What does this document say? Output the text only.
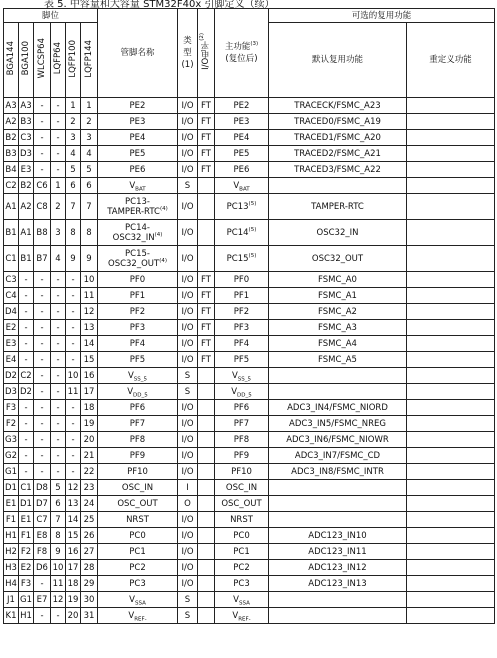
表 5. 中容量和大容量 STM32F40x 引脚定义（续）
脚位						管脚名称	类
型
(1)	I/O电平$^{(2)}$	主功能$^{(3)}$
(复位后)	可选的复用功能	
BGA144	BGA100	WLCSP64	LQFP64	LQFP100	LQFP144					默认复用功能	重定义功能
A3	A3	-	-	1	1	PE2	I/O	FT	PE2	TRACECK/FSMC_A23	
A2	B3	-	-	2	2	PE3	I/O	FT	PE3	TRACED0/FSMC_A19	
B2	C3	-	-	3	3	PE4	I/O	FT	PE4	TRACED1/FSMC_A20	
B3	D3	-	-	4	4	PE5	I/O	FT	PE5	TRACED2/FSMC_A21	
B4	E3	-	-	5	5	PE6	I/O	FT	PE6	TRACED3/FSMC_A22	
C2	B2	C6	1	6	6	$V_{BAT}$	S		$V_{BAT}$		
A1	A2	C8	2	7	7	PC13-
TAMPER-RTC$^{(4)}$	I/O		PC13$^{(5)}$	TAMPER-RTC	
B1	A1	B8	3	8	8	PC14-
OSC32_IN$^{(4)}$	I/O		PC14$^{(5)}$	OSC32_IN	
C1	B1	B7	4	9	9	PC15-
OSC32_OUT$^{(4)}$	I/O		PC15$^{(5)}$	OSC32_OUT	
C3	-	-	-	-	10	PF0	I/O	FT	PF0	FSMC_A0	
C4	-	-	-	-	11	PF1	I/O	FT	PF1	FSMC_A1	
D4	-	-	-	-	12	PF2	I/O	FT	PF2	FSMC_A2	
E2	-	-	-	-	13	PF3	I/O	FT	PF3	FSMC_A3	
E3	-	-	-	-	14	PF4	I/O	FT	PF4	FSMC_A4	
E4	-	-	-	-	15	PF5	I/O	FT	PF5	FSMC_A5	
D2	C2	-	-	10	16	$V_{SS\_5}$	S		$V_{SS\_5}$		
D3	D2	-	-	11	17	$V_{DD\_5}$	S		$V_{DD\_5}$		
F3	-	-	-	-	18	PF6	I/O		PF6	ADC3_IN4/FSMC_NIORD	
F2	-	-	-	-	19	PF7	I/O		PF7	ADC3_IN5/FSMC_NREG	
G3	-	-	-	-	20	PF8	I/O		PF8	ADC3_IN6/FSMC_NIOWR	
G2	-	-	-	-	21	PF9	I/O		PF9	ADC3_IN7/FSMC_CD	
G1	-	-	-	-	22	PF10	I/O		PF10	ADC3_IN8/FSMC_INTR	
D1	C1	D8	5	12	23	OSC_IN	I		OSC_IN		
E1	D1	D7	6	13	24	OSC_OUT	O		OSC_OUT		
F1	E1	C7	7	14	25	NRST	I/O		NRST		
H1	F1	E8	8	15	26	PC0	I/O		PC0	ADC123_IN10	
H2	F2	F8	9	16	27	PC1	I/O		PC1	ADC123_IN11	
H3	E2	D6	10	17	28	PC2	I/O		PC2	ADC123_IN12	
H4	F3	-	11	18	29	PC3	I/O		PC3	ADC123_IN13	
J1	G1	E7	12	19	30	$V_{SSA}$	S		$V_{SSA}$		
K1	H1	-	-	20	31	$V_{REF-}$	S		$V_{REF-}$		
